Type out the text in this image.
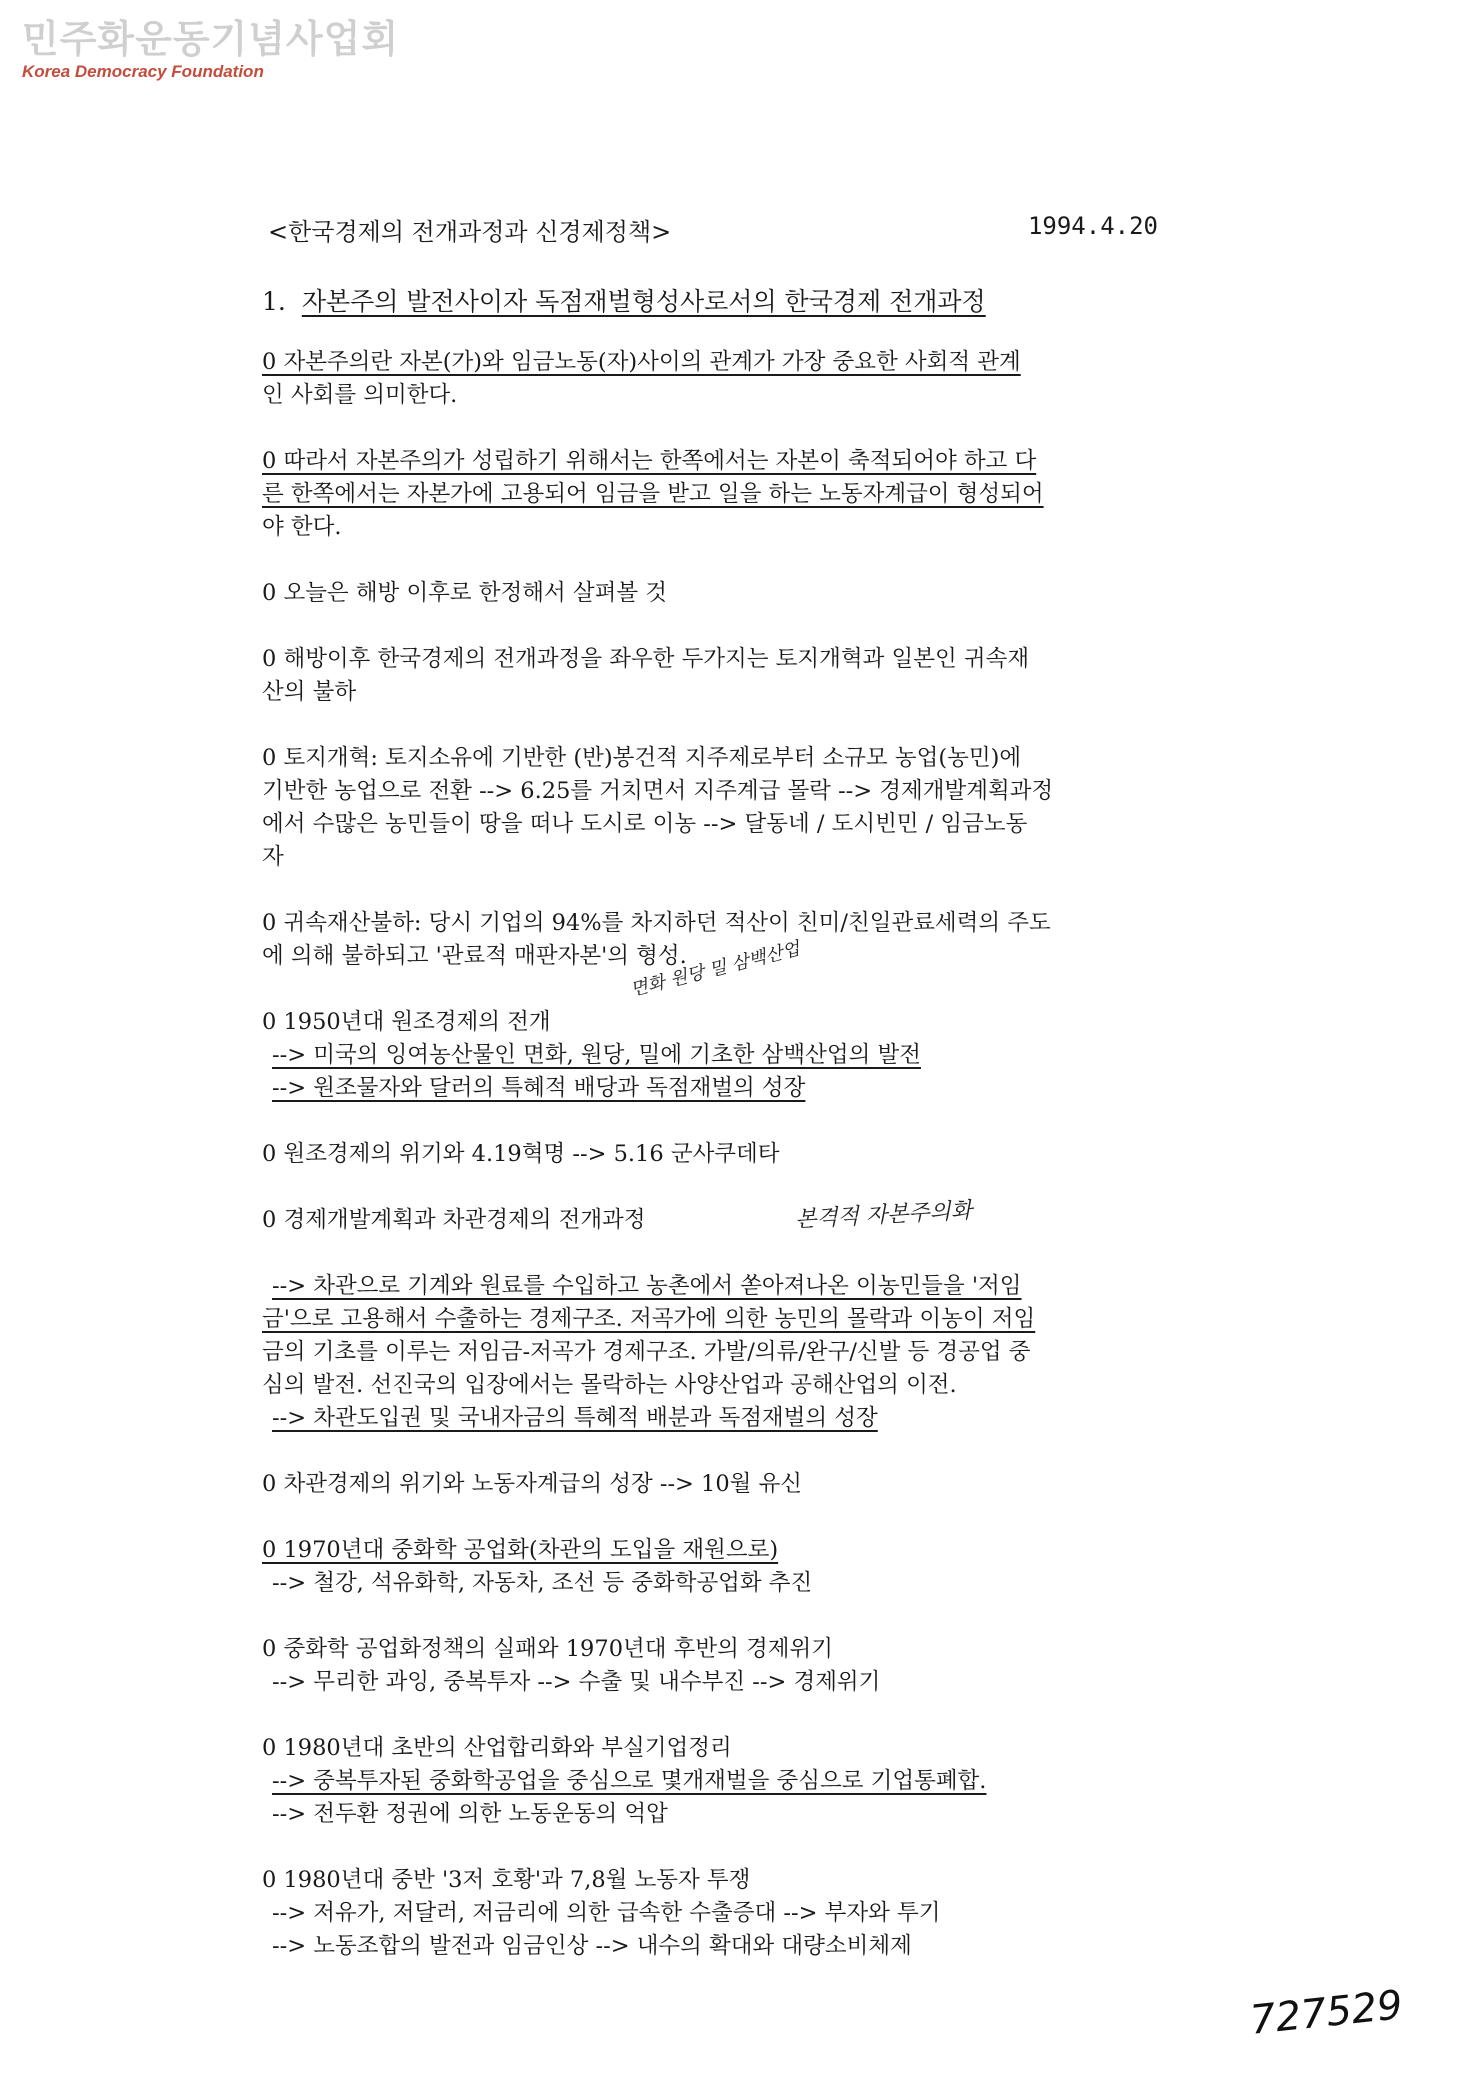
민주화운동기념사업회
Korea Democracy Foundation
<한국경제의 전개과정과 신경제정책>	1994.4.20
1. 자본주의 발전사이자 독점재벌형성사로서의 한국경제 전개과정
0 자본주의란 자본(가)와 임금노동(자)사이의 관계가 가장 중요한 사회적 관계
인 사회를 의미한다.
0 따라서 자본주의가 성립하기 위해서는 한쪽에서는 자본이 축적되어야 하고 다
른 한쪽에서는 자본가에 고용되어 임금을 받고 일을 하는 노동자계급이 형성되어
야 한다.
0 오늘은 해방 이후로 한정해서 살펴볼 것
0 해방이후 한국경제의 전개과정을 좌우한 두가지는 토지개혁과 일본인 귀속재
산의 불하
0 토지개혁: 토지소유에 기반한 (반)봉건적 지주제로부터 소규모 농업(농민)에
기반한 농업으로 전환 --> 6.25를 거치면서 지주계급 몰락 --> 경제개발계획과정
에서 수많은 농민들이 땅을 떠나 도시로 이농 --> 달동네 / 도시빈민 / 임금노동
자
0 귀속재산불하: 당시 기업의 94%를 차지하던 적산이 친미/친일관료세력의 주도
에 의해 불하되고 '관료적 매판자본'의 형성.
0 1950년대 원조경제의 전개
--> 미국의 잉여농산물인 면화, 원당, 밀에 기초한 삼백산업의 발전
--> 원조물자와 달러의 특혜적 배당과 독점재벌의 성장
0 원조경제의 위기와 4.19혁명 --> 5.16 군사쿠데타
0 경제개발계획과 차관경제의 전개과정
--> 차관으로 기계와 원료를 수입하고 농촌에서 쏟아져나온 이농민들을 '저임
금'으로 고용해서 수출하는 경제구조. 저곡가에 의한 농민의 몰락과 이농이 저임
금의 기초를 이루는 저임금-저곡가 경제구조. 가발/의류/완구/신발 등 경공업 중
심의 발전. 선진국의 입장에서는 몰락하는 사양산업과 공해산업의 이전.
--> 차관도입권 및 국내자금의 특혜적 배분과 독점재벌의 성장
0 차관경제의 위기와 노동자계급의 성장 --> 10월 유신
0 1970년대 중화학 공업화(차관의 도입을 재원으로)
--> 철강, 석유화학, 자동차, 조선 등 중화학공업화 추진
0 중화학 공업화정책의 실패와 1970년대 후반의 경제위기
--> 무리한 과잉, 중복투자 --> 수출 및 내수부진 --> 경제위기
0 1980년대 초반의 산업합리화와 부실기업정리
--> 중복투자된 중화학공업을 중심으로 몇개재벌을 중심으로 기업통폐합.
--> 전두환 정권에 의한 노동운동의 억압
0 1980년대 중반 '3저 호황'과 7,8월 노동자 투쟁
--> 저유가, 저달러, 저금리에 의한 급속한 수출증대 --> 부자와 투기
--> 노동조합의 발전과 임금인상 --> 내수의 확대와 대량소비체제
면화 원당 밀 삼백산업
본격적 자본주의화
727529
